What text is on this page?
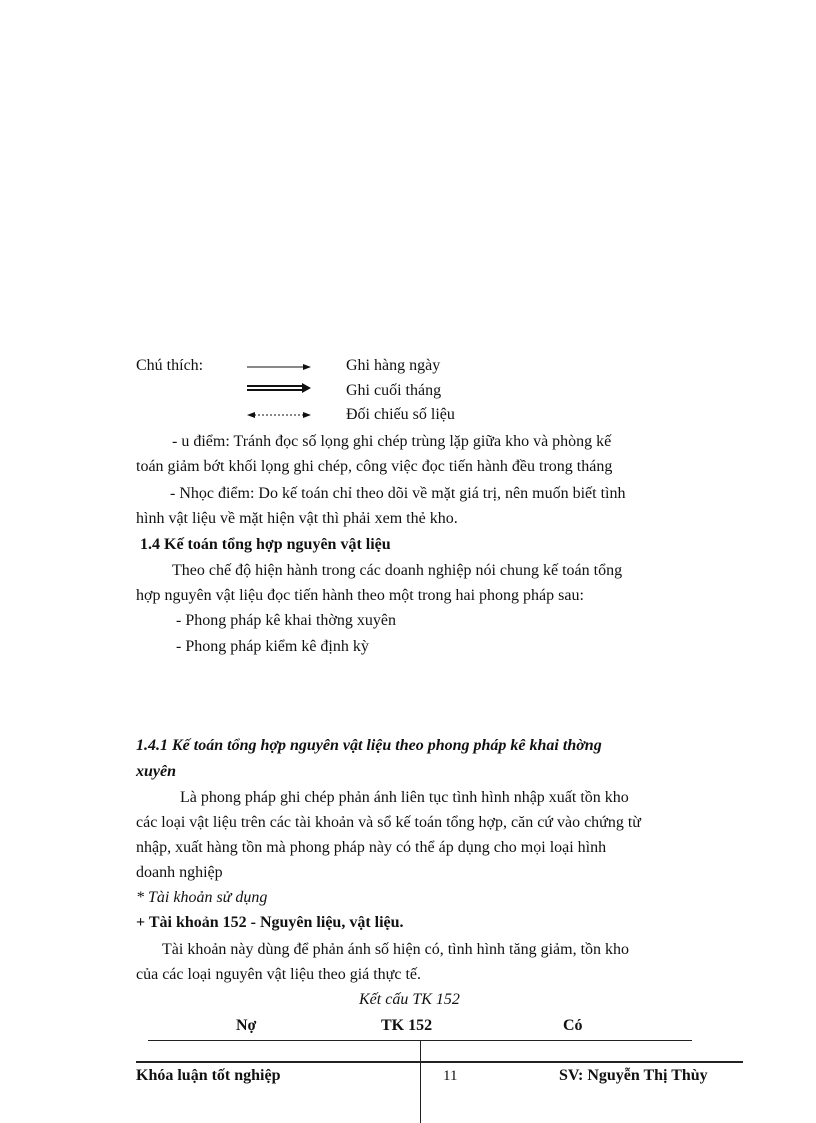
Chú thích:	Ghi hàng ngày
Ghi cuối tháng
Đối chiếu số liệu
- u điểm: Tránh đọc số lọng ghi chép trùng lặp giữa kho và phòng kế
toán giảm bớt khối lọng ghi chép, công việc đọc tiến hành đều trong tháng
- Nhọc điểm: Do kế toán chỉ theo dõi về mặt giá trị, nên muốn biết tình
hình vật liệu về mặt hiện vật thì phải xem thẻ kho.
1.4 Kế toán tổng hợp nguyên vật liệu
Theo chế độ hiện hành trong các doanh nghiệp nói chung kế toán tổng
hợp nguyên vật liệu đọc tiến hành theo một trong hai phong pháp sau:
- Phong pháp kê khai thờng xuyên
- Phong pháp kiểm kê định kỳ
1.4.1 Kế toán tổng hợp nguyên vật liệu theo phong pháp kê khai thờng
xuyên
Là phong pháp ghi chép phản ánh liên tục tình hình nhập xuất tồn kho
các loại vật liệu trên các tài khoản và sổ kế toán tổng hợp, căn cứ vào chứng từ
nhập, xuất hàng tồn mà phong pháp này có thể áp dụng cho mọi loại hình
doanh nghiệp
* Tài khoản sử dụng
+ Tài khoản 152 - Nguyên liệu, vật liệu.
Tài khoản này dùng để phản ánh số hiện có, tình hình tăng giảm, tồn kho
của các loại nguyên vật liệu theo giá thực tế.
Kết cấu TK 152
Nợ	TK 152	Có
Khóa luận tốt nghiệp	11	SV: Nguyễn Thị Thùy
